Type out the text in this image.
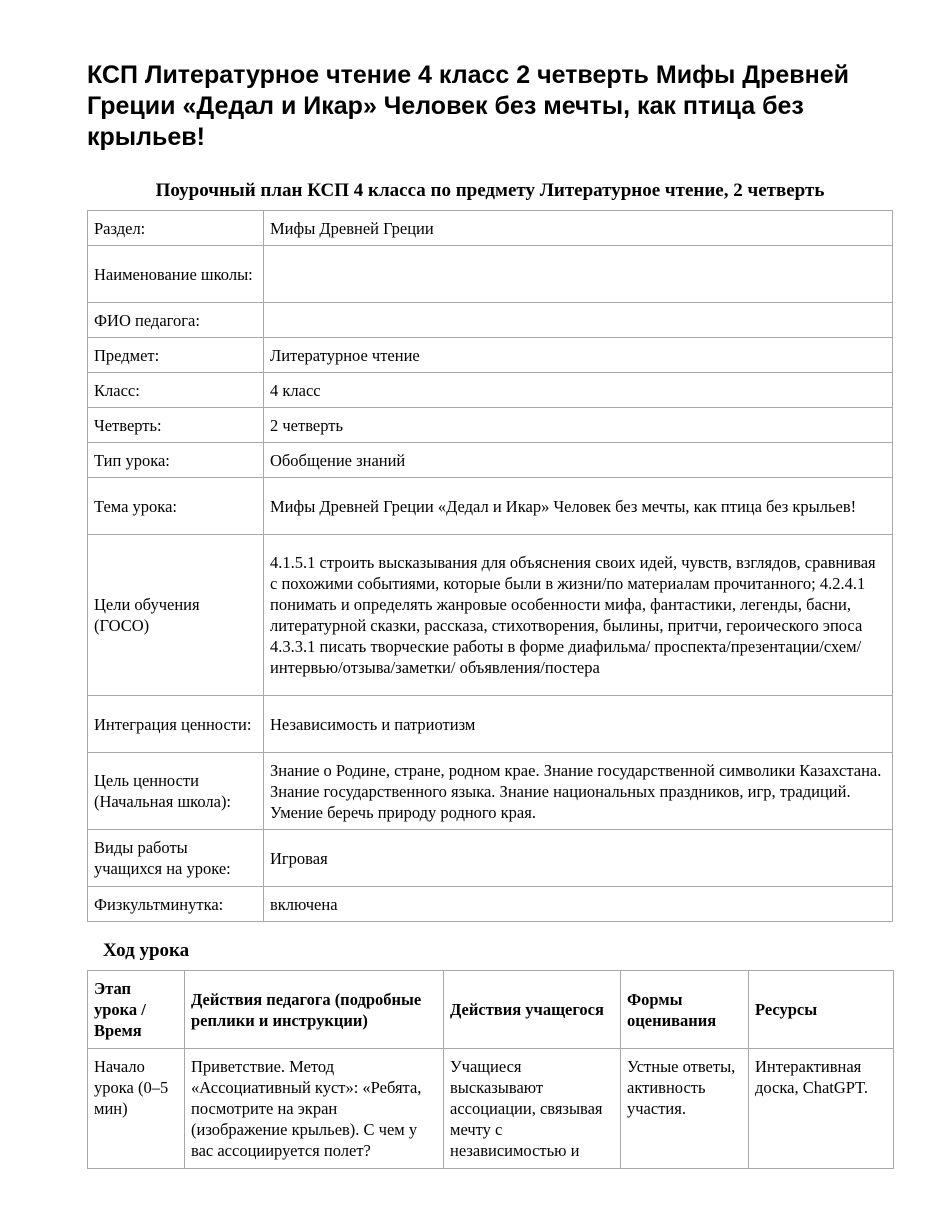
КСП Литературное чтение 4 класс 2 четверть Мифы Древней Греции «Дедал и Икар» Человек без мечты, как птица без крыльев!
Поурочный план КСП 4 класса по предмету Литературное чтение, 2 четверть
Раздел:	Мифы Древней Греции
Наименование школы:	
ФИО педагога:	
Предмет:	Литературное чтение
Класс:	4 класс
Четверть:	2 четверть
Тип урока:	Обобщение знаний
Тема урока:	Мифы Древней Греции «Дедал и Икар» Человек без мечты, как птица без крыльев!
Цели обучения (ГОСО)	4.1.5.1 строить высказывания для объяснения своих идей, чувств, взглядов, сравнивая с похожими событиями, которые были в жизни/по материалам прочитанного; 4.2.4.1 понимать и определять жанровые особенности мифа, фантастики, легенды, басни, литературной сказки, рассказа, стихотворения, былины, притчи, героического эпоса 4.3.3.1 писать творческие работы в форме диафильма/ проспекта/презентации/схем/интервью/отзыва/заметки/ объявления/постера
Интеграция ценности:	Независимость и патриотизм
Цель ценности (Начальная школа):	Знание о Родине, стране, родном крае. Знание государственной символики Казахстана. Знание государственного языка. Знание национальных праздников, игр, традиций. Умение беречь природу родного края.
Виды работы учащихся на уроке:	Игровая
Физкультминутка:	включена
Ход урока
Этап урока / Время	Действия педагога (подробные реплики и инструкции)	Действия учащегося	Формы оценивания	Ресурсы
Начало урока (0–5 мин)	Приветствие. Метод «Ассоциативный куст»: «Ребята, посмотрите на экран (изображение крыльев). С чем у вас ассоциируется полет?	Учащиеся высказывают ассоциации, связывая мечту с независимостью и	Устные ответы, активность участия.	Интерактивная доска, ChatGPT.
